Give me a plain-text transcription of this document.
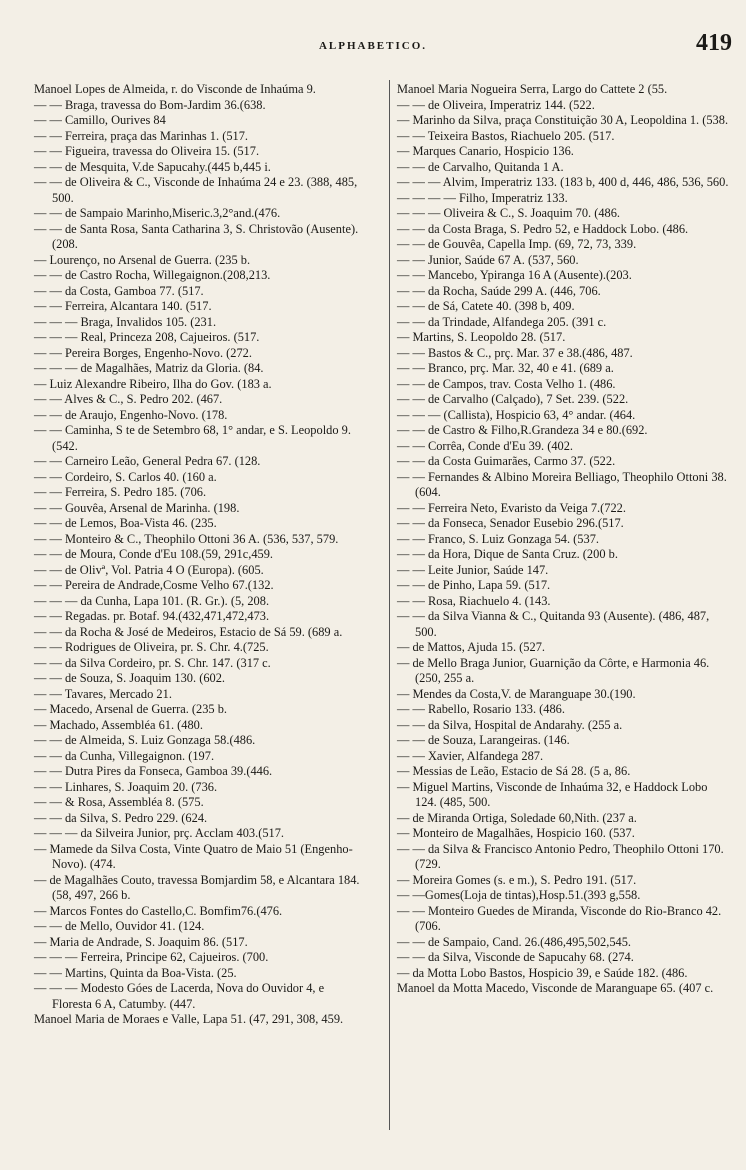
ALPHABETICO.	419

Manoel Lopes de Almeida, r. do Visconde de Inhaúma 9.

— — Braga, travessa do Bom-Jardim 36.(638.

— — Camillo, Ourives 84

— — Ferreira, praça das Marinhas 1. (517.

— — Figueira, travessa do Oliveira 15. (517.

— — de Mesquita, V.de Sapucahy.(445 b,445 i.

— — de Oliveira & C., Visconde de Inhaúma 24 e 23. (388, 485, 500.

— — de Sampaio Marinho,Miseric.3,2°and.(476.

— — de Santa Rosa, Santa Catharina 3, S. Christovão (Ausente). (208.

— Lourenço, no Arsenal de Guerra. (235 b.

— — de Castro Rocha, Willegaignon.(208,213.

— — da Costa, Gamboa 77. (517.

— — Ferreira, Alcantara 140. (517.

— — — Braga, Invalidos 105. (231.

— — — Real, Princeza 208, Cajueiros. (517.

— — Pereira Borges, Engenho-Novo. (272.

— — — de Magalhães, Matriz da Gloria. (84.

— Luiz Alexandre Ribeiro, Ilha do Gov. (183 a.

— — Alves & C., S. Pedro 202. (467.

— — de Araujo, Engenho-Novo. (178.

— — Caminha, S te de Setembro 68, 1° andar, e S. Leopoldo 9. (542.

— — Carneiro Leão, General Pedra 67. (128.

— — Cordeiro, S. Carlos 40. (160 a.

— — Ferreira, S. Pedro 185. (706.

— — Gouvêa, Arsenal de Marinha. (198.

— — de Lemos, Boa-Vista 46. (235.

— — Monteiro & C., Theophilo Ottoni 36 A. (536, 537, 579.

— — de Moura, Conde d'Eu 108.(59, 291c,459.

— — de Olivª, Vol. Patria 4 O (Europa). (605.

— — Pereira de Andrade,Cosme Velho 67.(132.

— — — da Cunha, Lapa 101. (R. Gr.). (5, 208.

— — Regadas. pr. Botaf. 94.(432,471,472,473.

— — da Rocha & José de Medeiros, Estacio de Sá 59. (689 a.

— — Rodrigues de Oliveira, pr. S. Chr. 4.(725.

— — da Silva Cordeiro, pr. S. Chr. 147. (317 c.

— — de Souza, S. Joaquim 130. (602.

— — Tavares, Mercado 21.

— Macedo, Arsenal de Guerra. (235 b.

— Machado, Assembléa 61. (480.

— — de Almeida, S. Luiz Gonzaga 58.(486.

— — da Cunha, Villegaignon. (197.

— — Dutra Pires da Fonseca, Gamboa 39.(446.

— — Linhares, S. Joaquim 20. (736.

— — & Rosa, Assembléa 8. (575.

— — da Silva, S. Pedro 229. (624.

— — — da Silveira Junior, prç. Acclam 403.(517.

— Mamede da Silva Costa, Vinte Quatro de Maio 51 (Engenho-Novo). (474.

— de Magalhães Couto, travessa Bomjardim 58, e Alcantara 184. (58, 497, 266 b.

— Marcos Fontes do Castello,C. Bomfim76.(476.

— — de Mello, Ouvidor 41. (124.

— Maria de Andrade, S. Joaquim 86. (517.

— — — Ferreira, Principe 62, Cajueiros. (700.

— — Martins, Quinta da Boa-Vista. (25.

— — — Modesto Góes de Lacerda, Nova do Ouvidor 4, e Floresta 6 A, Catumby. (447.

Manoel Maria de Moraes e Valle, Lapa 51. (47, 291, 308, 459.

Manoel Maria Nogueira Serra, Largo do Cattete 2 (55.

— — de Oliveira, Imperatriz 144. (522.

— Marinho da Silva, praça Constituição 30 A, Leopoldina 1. (538.

— — Teixeira Bastos, Riachuelo 205. (517.

— Marques Canario, Hospicio 136.

— — de Carvalho, Quitanda 1 A.

— — — Alvim, Imperatriz 133. (183 b, 400 d, 446, 486, 536, 560.

— — — — Filho, Imperatriz 133.

— — — Oliveira & C., S. Joaquim 70. (486.

— — da Costa Braga, S. Pedro 52, e Haddock Lobo. (486.

— — de Gouvêa, Capella Imp. (69, 72, 73, 339.

— — Junior, Saúde 67 A. (537, 560.

— — Mancebo, Ypiranga 16 A (Ausente).(203.

— — da Rocha, Saúde 299 A. (446, 706.

— — de Sá, Catete 40. (398 b, 409.

— — da Trindade, Alfandega 205. (391 c.

— Martins, S. Leopoldo 28. (517.

— — Bastos & C., prç. Mar. 37 e 38.(486, 487.

— — Branco, prç. Mar. 32, 40 e 41. (689 a.

— — de Campos, trav. Costa Velho 1. (486.

— — de Carvalho (Calçado), 7 Set. 239. (522.

— — — (Callista), Hospicio 63, 4° andar. (464.

— — de Castro & Filho,R.Grandeza 34 e 80.(692.

— — Corrêa, Conde d'Eu 39. (402.

— — da Costa Guimarães, Carmo 37. (522.

— — Fernandes & Albino Moreira Belliago, Theophilo Ottoni 38. (604.

— — Ferreira Neto, Evaristo da Veiga 7.(722.

— — da Fonseca, Senador Eusebio 296.(517.

— — Franco, S. Luiz Gonzaga 54. (537.

— — da Hora, Dique de Santa Cruz. (200 b.

— — Leite Junior, Saúde 147.

— — de Pinho, Lapa 59. (517.

— — Rosa, Riachuelo 4. (143.

— — da Silva Vianna & C., Quitanda 93 (Ausente). (486, 487, 500.

— de Mattos, Ajuda 15. (527.

— de Mello Braga Junior, Guarnição da Côrte, e Harmonia 46. (250, 255 a.

— Mendes da Costa,V. de Maranguape 30.(190.

— — Rabello, Rosario 133. (486.

— — da Silva, Hospital de Andarahy. (255 a.

— — de Souza, Larangeiras. (146.

— — Xavier, Alfandega 287.

— Messias de Leão, Estacio de Sá 28. (5 a, 86.

— Miguel Martins, Visconde de Inhaúma 32, e Haddock Lobo 124. (485, 500.

— de Miranda Ortiga, Soledade 60,Nith. (237 a.

— Monteiro de Magalhães, Hospicio 160. (537.

— — da Silva & Francisco Antonio Pedro, Theophilo Ottoni 170. (729.

— Moreira Gomes (s. e m.), S. Pedro 191. (517.

— —Gomes(Loja de tintas),Hosp.51.(393 g,558.

— — Monteiro Guedes de Miranda, Visconde do Rio-Branco 42. (706.

— — de Sampaio, Cand. 26.(486,495,502,545.

— — da Silva, Visconde de Sapucahy 68. (274.

— da Motta Lobo Bastos, Hospicio 39, e Saúde 182. (486.

Manoel da Motta Macedo, Visconde de Maranguape 65. (407 c.
